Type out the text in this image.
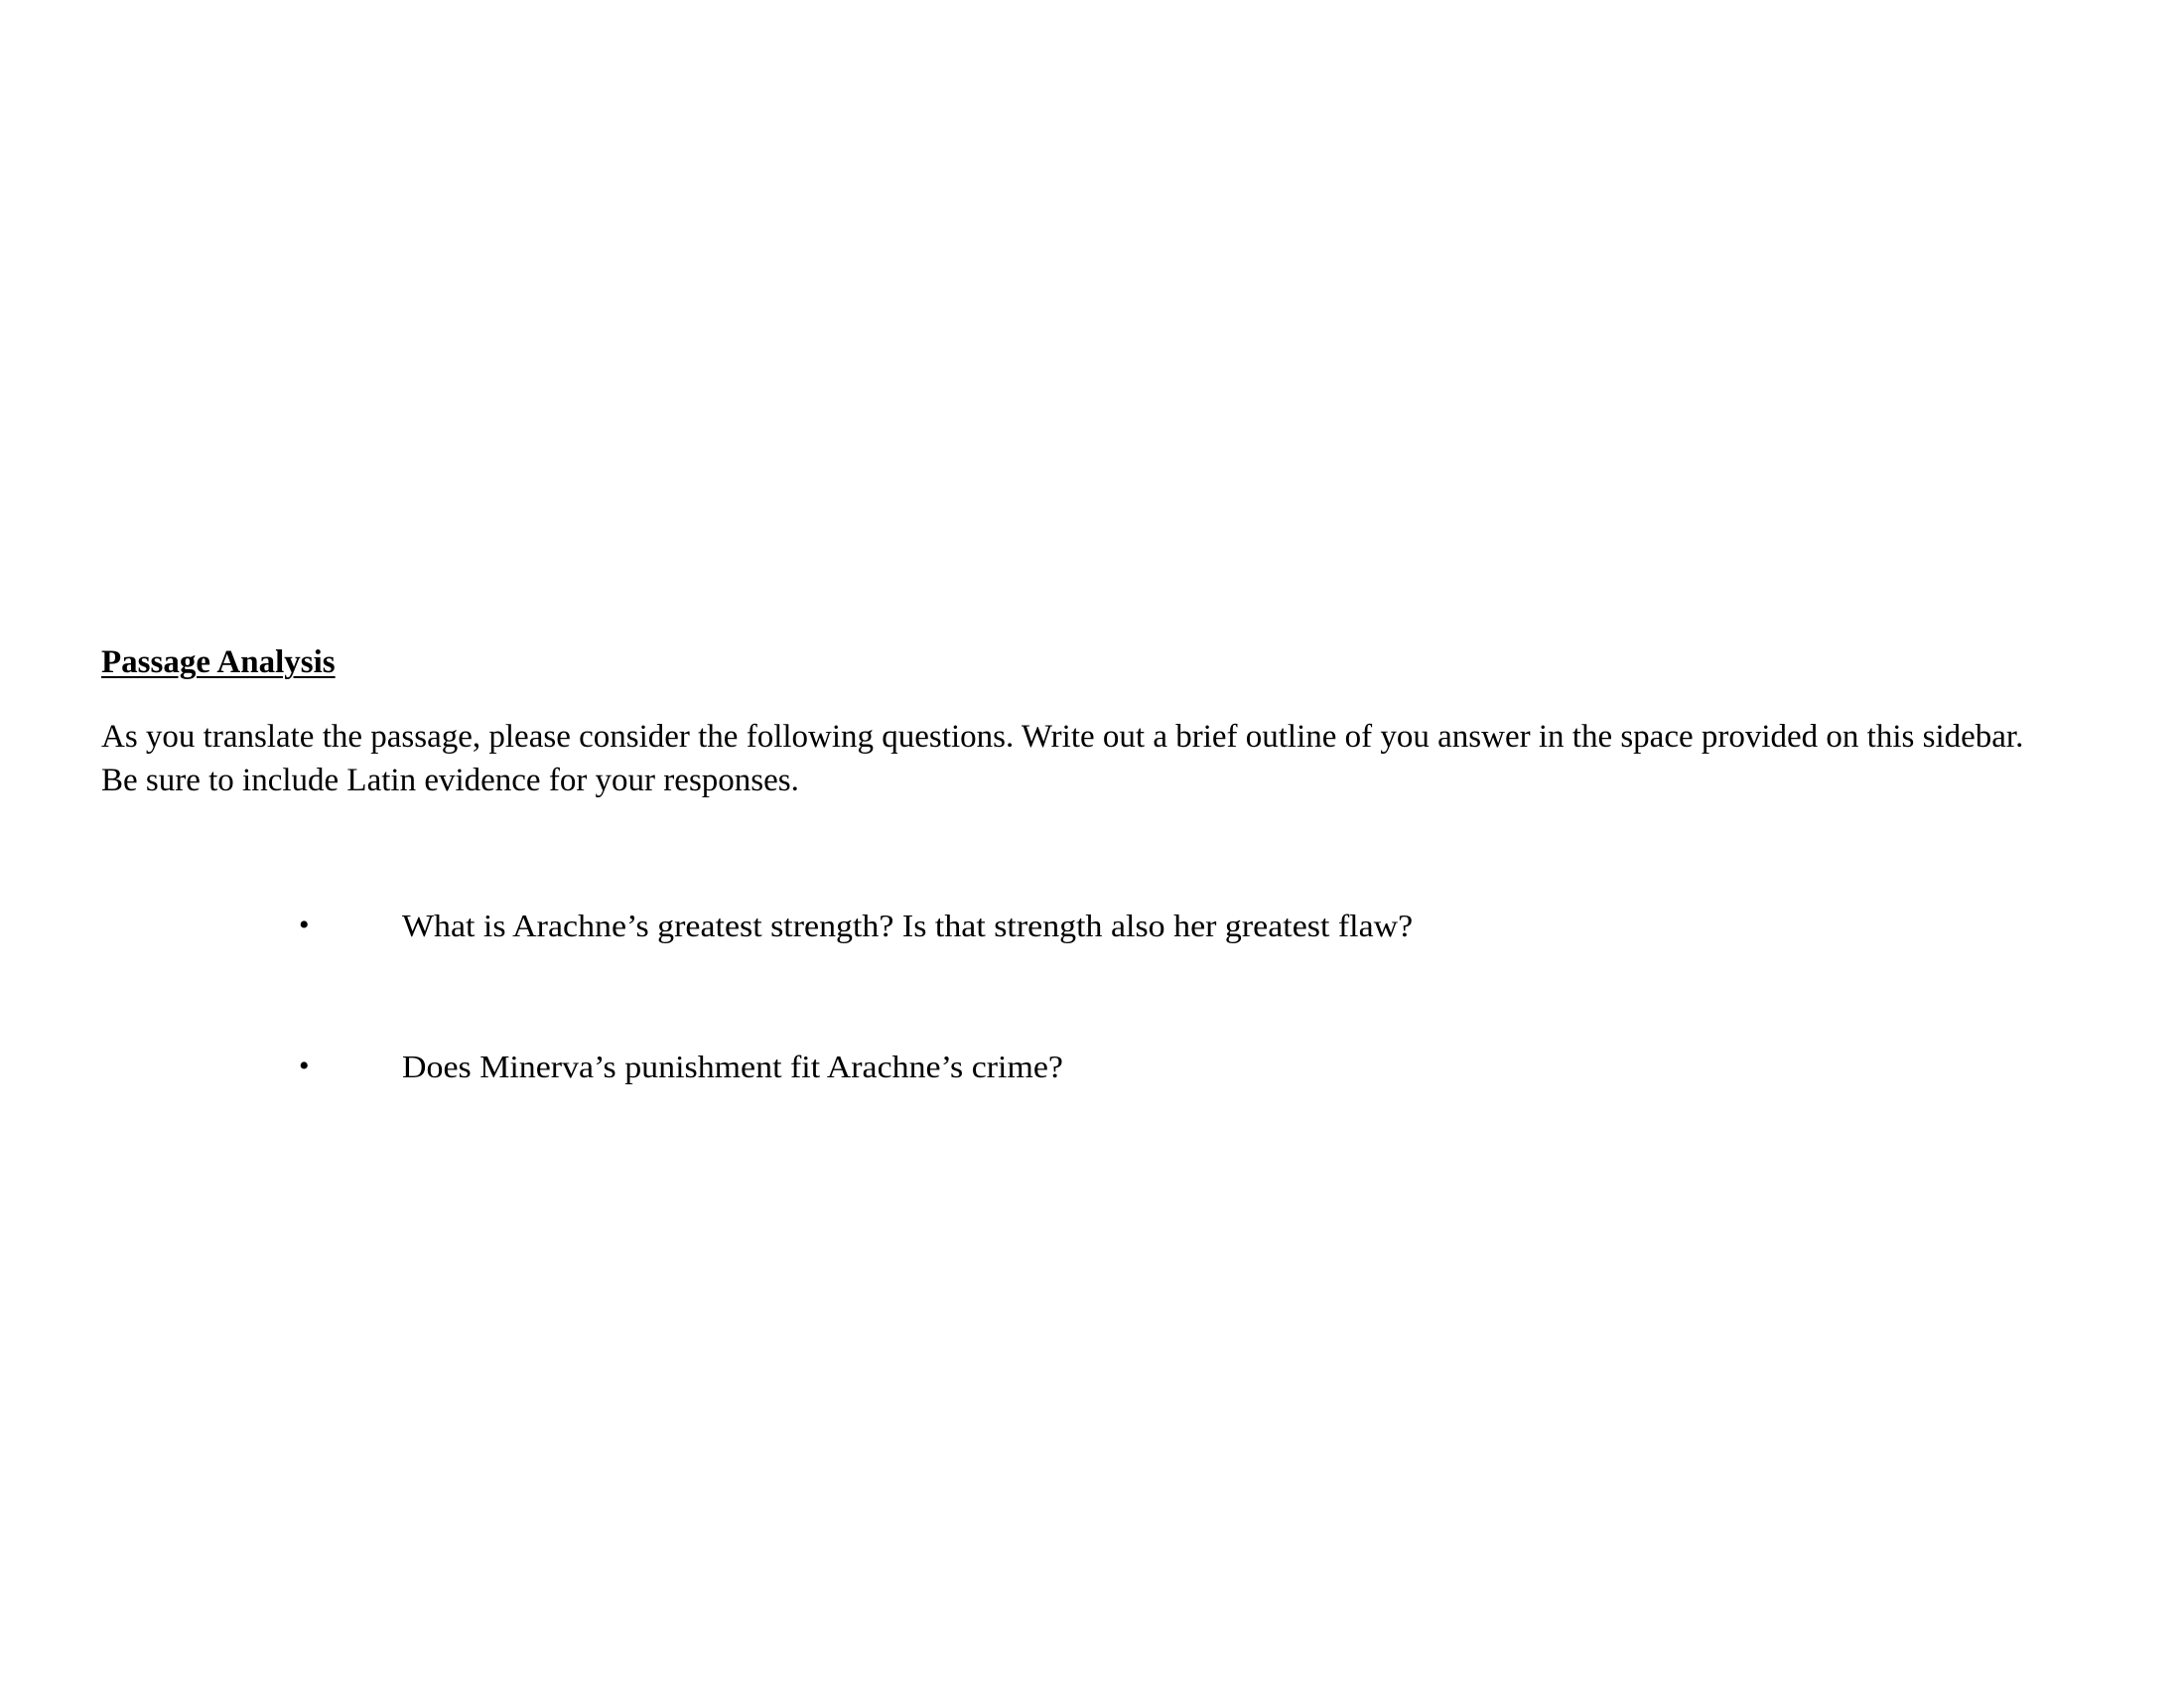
Passage Analysis

As you translate the passage, please consider the following questions. Write out a brief outline of you answer in the space provided on this sidebar.

Be sure to include Latin evidence for your responses.

•	What is Arachne’s greatest strength? Is that strength also her greatest flaw?
•	Does Minerva’s punishment fit Arachne’s crime?
